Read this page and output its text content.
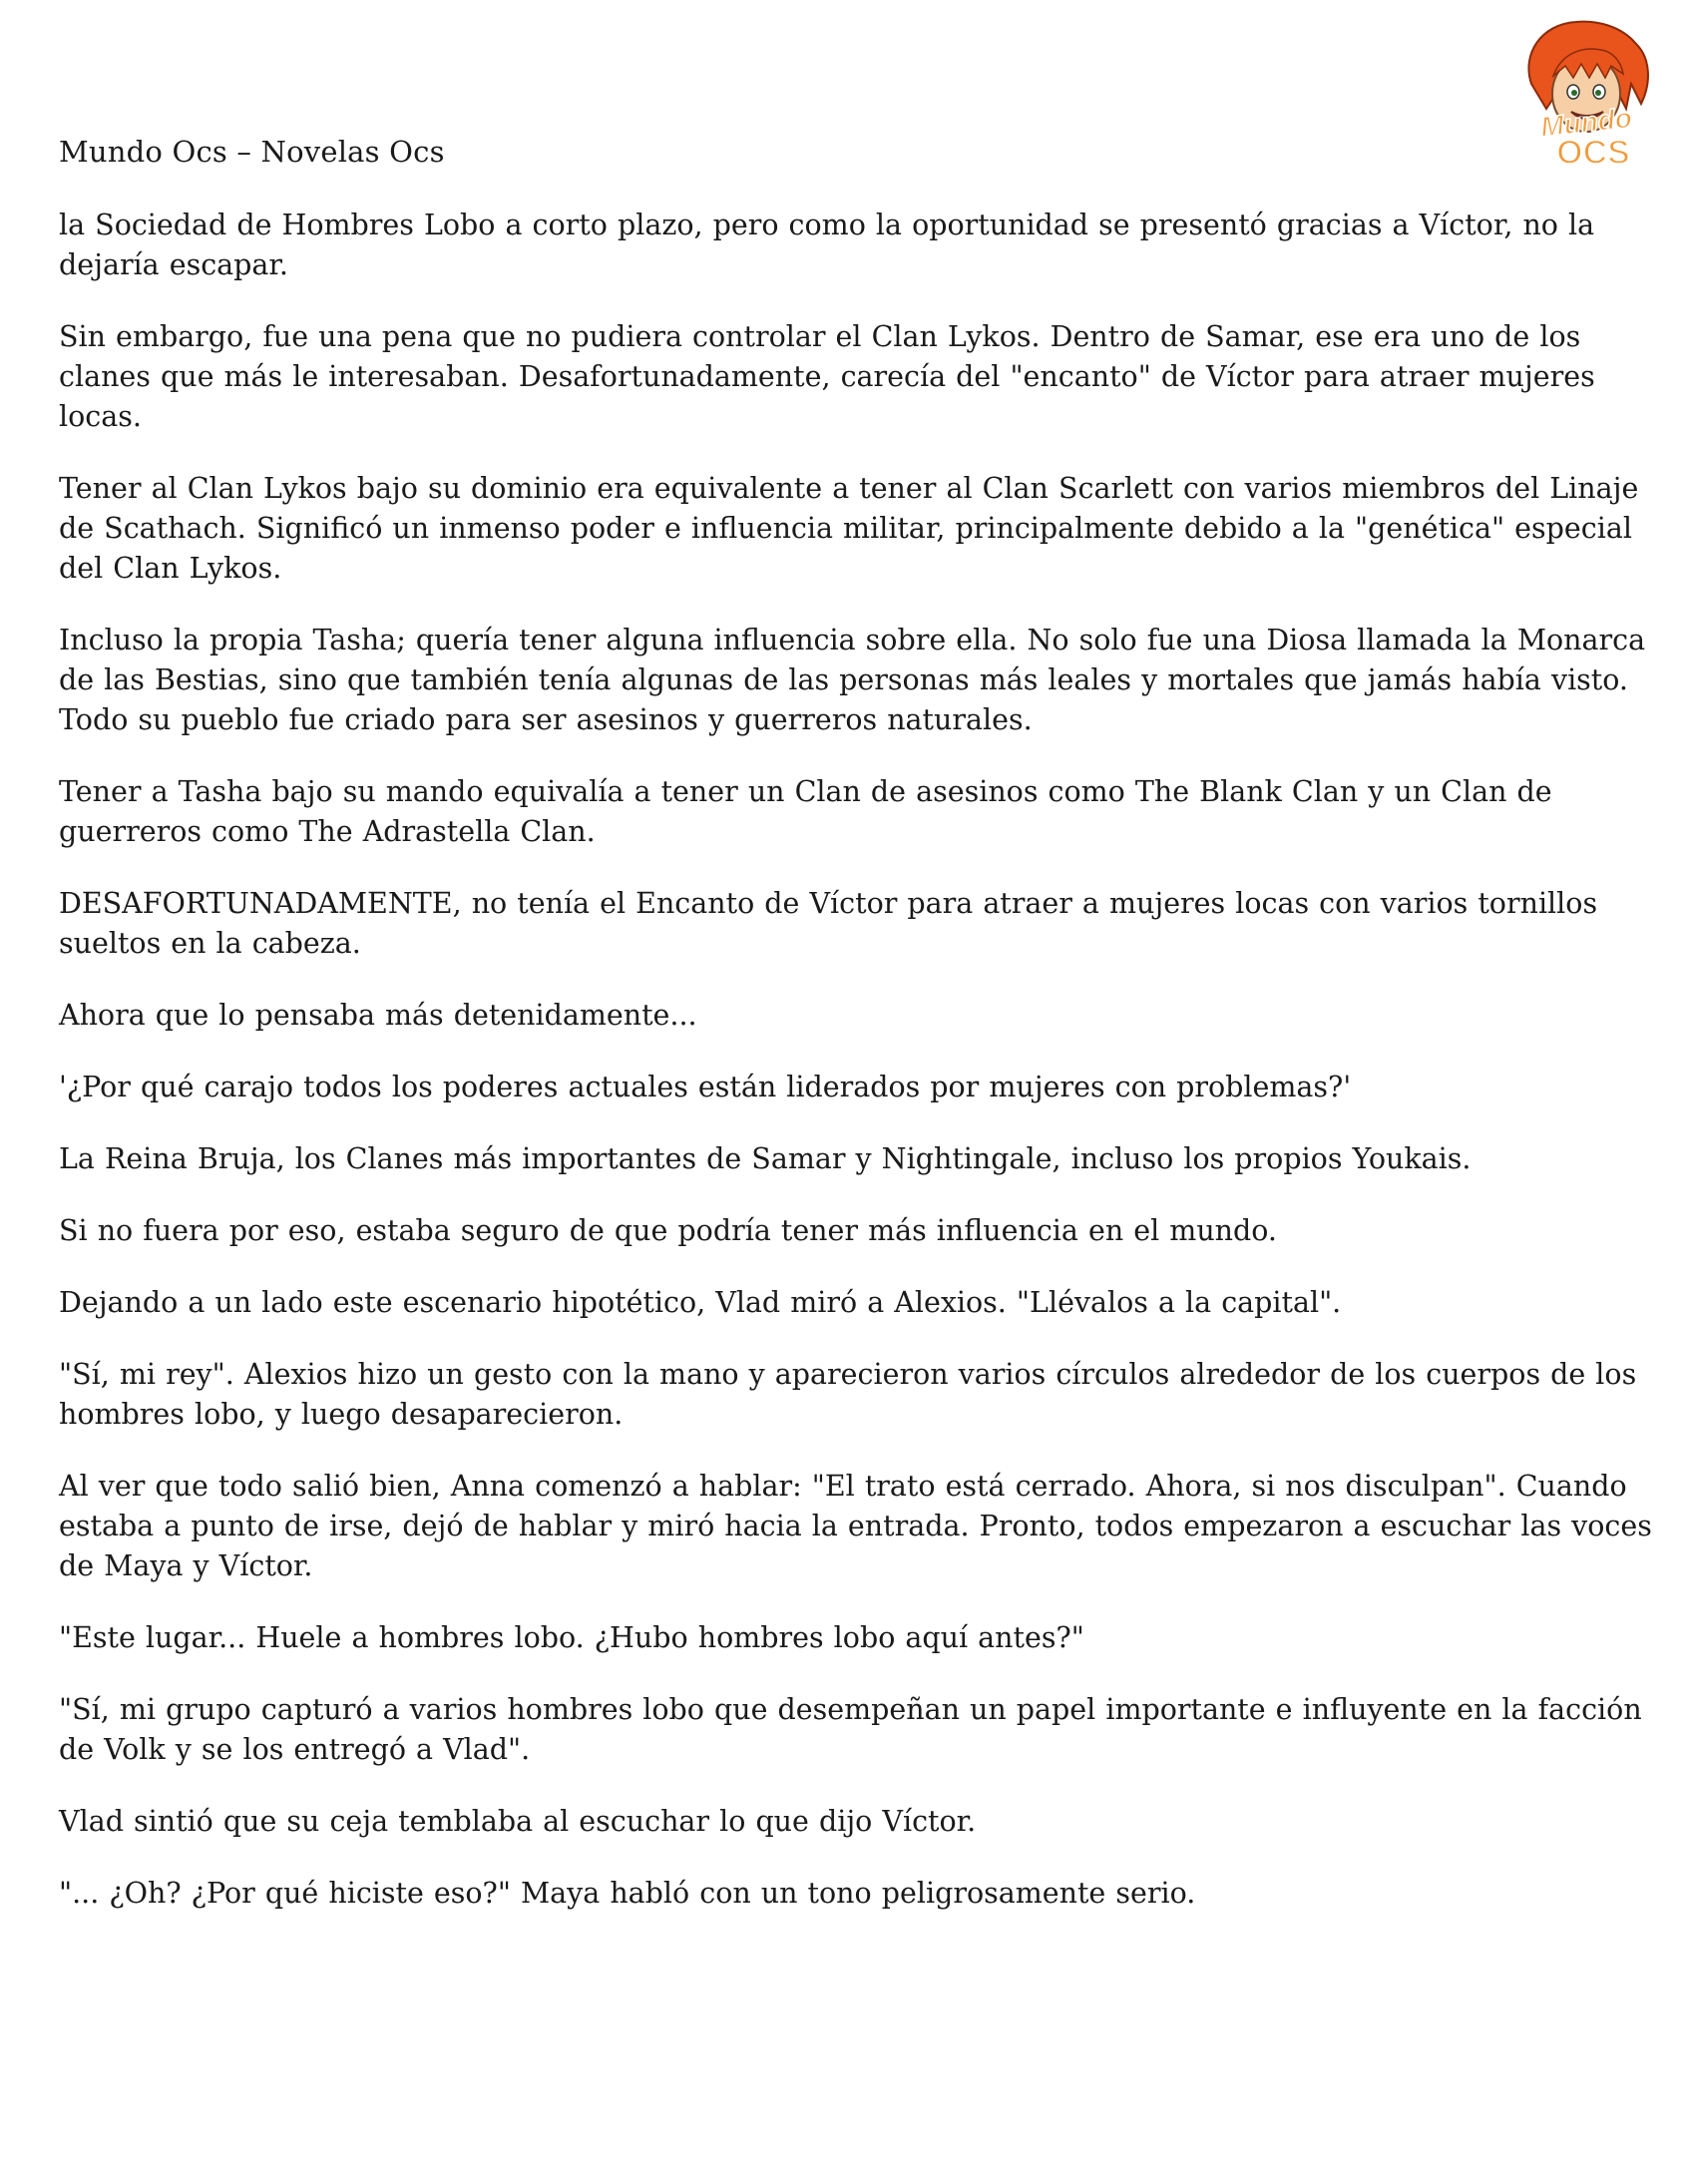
Mundo Ocs – Novelas Ocs
Mundo
OCS

la Sociedad de Hombres Lobo a corto plazo, pero como la oportunidad se presentó gracias a Víctor, no la dejaría escapar.

Sin embargo, fue una pena que no pudiera controlar el Clan Lykos. Dentro de Samar, ese era uno de los clanes que más le interesaban. Desafortunadamente, carecía del "encanto" de Víctor para atraer mujeres locas.

Tener al Clan Lykos bajo su dominio era equivalente a tener al Clan Scarlett con varios miembros del Linaje de Scathach. Significó un inmenso poder e influencia militar, principalmente debido a la "genética" especial del Clan Lykos.

Incluso la propia Tasha; quería tener alguna influencia sobre ella. No solo fue una Diosa llamada la Monarca de las Bestias, sino que también tenía algunas de las personas más leales y mortales que jamás había visto. Todo su pueblo fue criado para ser asesinos y guerreros naturales.

Tener a Tasha bajo su mando equivalía a tener un Clan de asesinos como The Blank Clan y un Clan de guerreros como The Adrastella Clan.

DESAFORTUNADAMENTE, no tenía el Encanto de Víctor para atraer a mujeres locas con varios tornillos sueltos en la cabeza.

Ahora que lo pensaba más detenidamente...

'¿Por qué carajo todos los poderes actuales están liderados por mujeres con problemas?'

La Reina Bruja, los Clanes más importantes de Samar y Nightingale, incluso los propios Youkais.

Si no fuera por eso, estaba seguro de que podría tener más influencia en el mundo.

Dejando a un lado este escenario hipotético, Vlad miró a Alexios. "Llévalos a la capital".

"Sí, mi rey". Alexios hizo un gesto con la mano y aparecieron varios círculos alrededor de los cuerpos de los hombres lobo, y luego desaparecieron.

Al ver que todo salió bien, Anna comenzó a hablar: "El trato está cerrado. Ahora, si nos disculpan". Cuando estaba a punto de irse, dejó de hablar y miró hacia la entrada. Pronto, todos empezaron a escuchar las voces de Maya y Víctor.

"Este lugar... Huele a hombres lobo. ¿Hubo hombres lobo aquí antes?"

"Sí, mi grupo capturó a varios hombres lobo que desempeñan un papel importante e influyente en la facción de Volk y se los entregó a Vlad".

Vlad sintió que su ceja temblaba al escuchar lo que dijo Víctor.

"... ¿Oh? ¿Por qué hiciste eso?" Maya habló con un tono peligrosamente serio.
